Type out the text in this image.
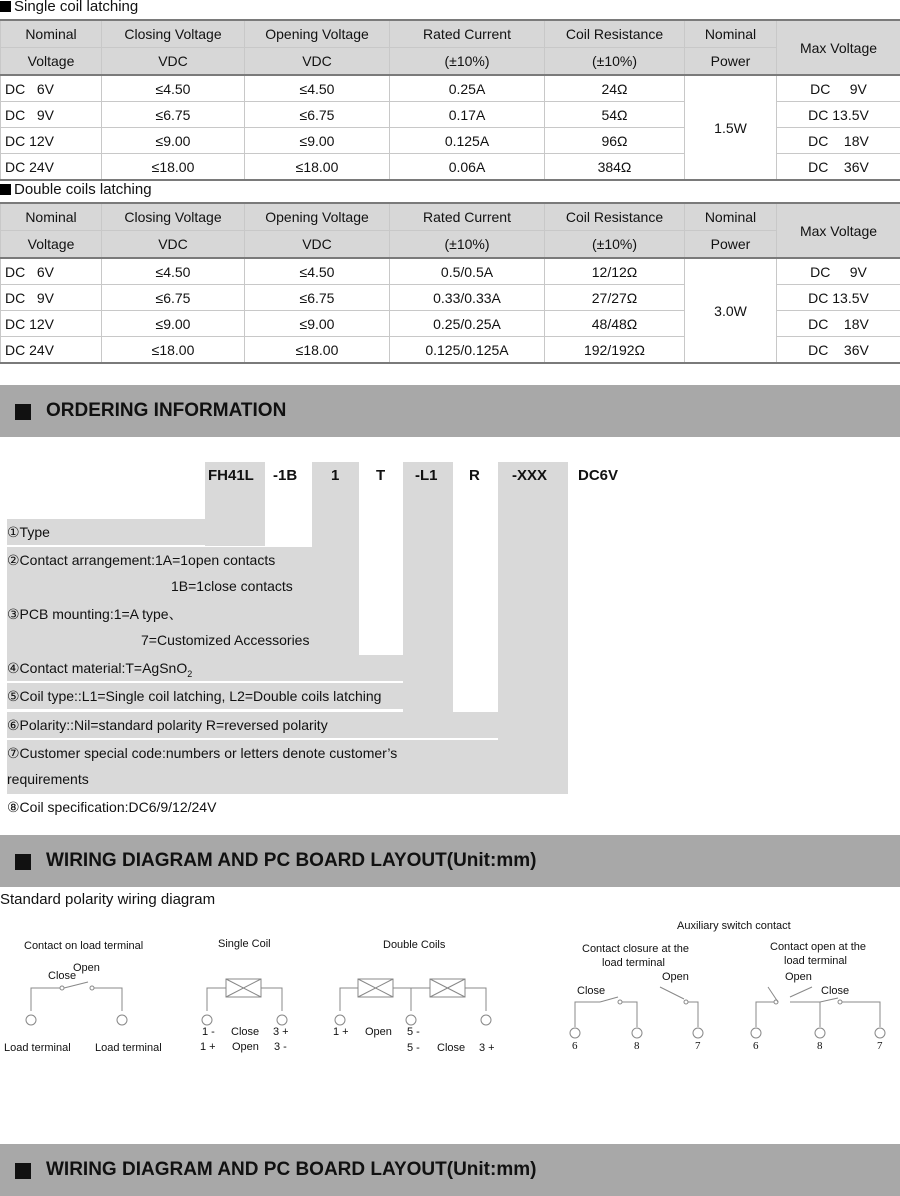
Single coil latching
Nominal	Closing Voltage	Opening Voltage	Rated Current	Coil Resistance	Nominal	Max Voltage
Voltage	VDC	VDC	(±10%)	(±10%)	Power	
DC   6V	≤4.50	≤4.50	0.25A	24Ω	1.5W	DC     9V
DC   9V	≤6.75	≤6.75	0.17A	54Ω		DC 13.5V
DC 12V	≤9.00	≤9.00	0.125A	96Ω		DC    18V
DC 24V	≤18.00	≤18.00	0.06A	384Ω		DC    36V
Double coils latching
Nominal	Closing Voltage	Opening Voltage	Rated Current	Coil Resistance	Nominal	Max Voltage
Voltage	VDC	VDC	(±10%)	(±10%)	Power	
DC   6V	≤4.50	≤4.50	0.5/0.5A	12/12Ω	3.0W	DC     9V
DC   9V	≤6.75	≤6.75	0.33/0.33A	27/27Ω		DC 13.5V
DC 12V	≤9.00	≤9.00	0.25/0.25A	48/48Ω		DC    18V
DC 24V	≤18.00	≤18.00	0.125/0.125A	192/192Ω		DC    36V
ORDERING INFORMATION
FH41L -1B 1 T -L1 R -XXX DC6V
①Type
②Contact arrangement:1A=1open contacts
1B=1close contacts
③PCB mounting:1=A type、
7=Customized Accessories
④Contact material:T=AgSnO$_2$
⑤Coil type::L1=Single coil latching, L2=Double coils latching
⑥Polarity::Nil=standard polarity R=reversed polarity
⑦Customer special code:numbers or letters denote customer’s
requirements
⑧Coil specification:DC6/9/12/24V
WIRING DIAGRAM AND PC BOARD LAYOUT(Unit:mm)
Standard polarity wiring diagram
Contact on load terminal
Close
Open
Load terminal Load terminal
Single Coil
1 -
1 +
Close
Open
3 +
3 -
Double Coils
1 + Open 5 -
5 - Close 3 +
Auxiliary switch contact
Contact closure at the
load terminal
Open
Close
Contact open at the
load terminal
Open
Close
6	8	7	6	8	7
WIRING DIAGRAM AND PC BOARD LAYOUT(Unit:mm)
